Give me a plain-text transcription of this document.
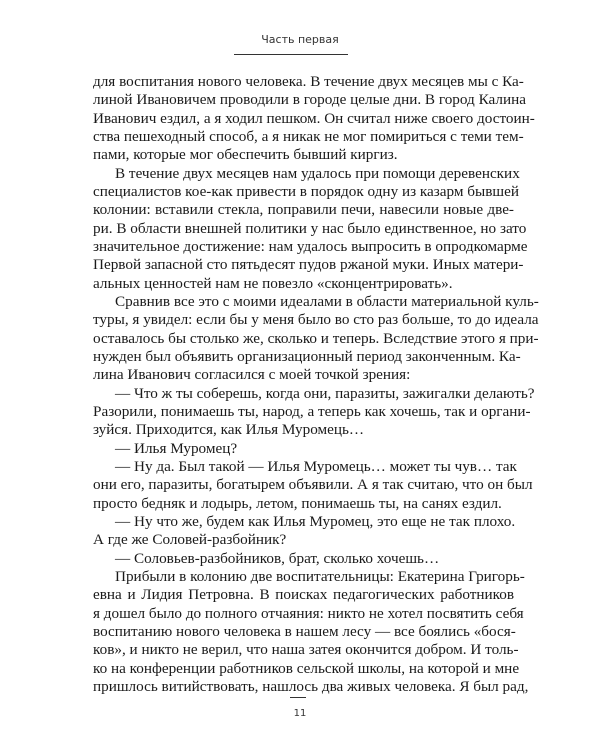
Часть первая
для воспитания нового человека. В течение двух месяцев мы с Ка-
линой Ивановичем проводили в городе целые дни. В город Калина
Иванович ездил, а я ходил пешком. Он считал ниже своего достоин-
ства пешеходный способ, а я никак не мог помириться с теми тем-
пами, которые мог обеспечить бывший киргиз.
В течение двух месяцев нам удалось при помощи деревенских
специалистов кое-как привести в порядок одну из казарм бывшей
колонии: вставили стекла, поправили печи, навесили новые две-
ри. В области внешней политики у нас было единственное, но зато
значительное достижение: нам удалось выпросить в опродкомарме
Первой запасной сто пятьдесят пудов ржаной муки. Иных матери-
альных ценностей нам не повезло «сконцентрировать».
Сравнив все это с моими идеалами в области материальной куль-
туры, я увидел: если бы у меня было во сто раз больше, то до идеала
оставалось бы столько же, сколько и теперь. Вследствие этого я при-
нужден был объявить организационный период законченным. Ка-
лина Иванович согласился с моей точкой зрения:
— Что ж ты соберешь, когда они, паразиты, зажигалки делають?
Разорили, понимаешь ты, народ, а теперь как хочешь, так и органи-
зуйся. Приходится, как Илья Муромець…
— Илья Муромец?
— Ну да. Был такой — Илья Муромець… может ты чув… так
они его, паразиты, богатырем объявили. А я так считаю, что он был
просто бедняк и лодырь, летом, понимаешь ты, на санях ездил.
— Ну что же, будем как Илья Муромец, это еще не так плохо.
А где же Соловей-разбойник?
— Соловьев-разбойников, брат, сколько хочешь…
Прибыли в колонию две воспитательницы: Екатерина Григорь-
евна и Лидия Петровна. В поисках педагогических работников
я дошел было до полного отчаяния: никто не хотел посвятить себя
воспитанию нового человека в нашем лесу — все боялись «бося-
ков», и никто не верил, что наша затея окончится добром. И толь-
ко на конференции работников сельской школы, на которой и мне
пришлось витийствовать, нашлось два живых человека. Я был рад,
11
